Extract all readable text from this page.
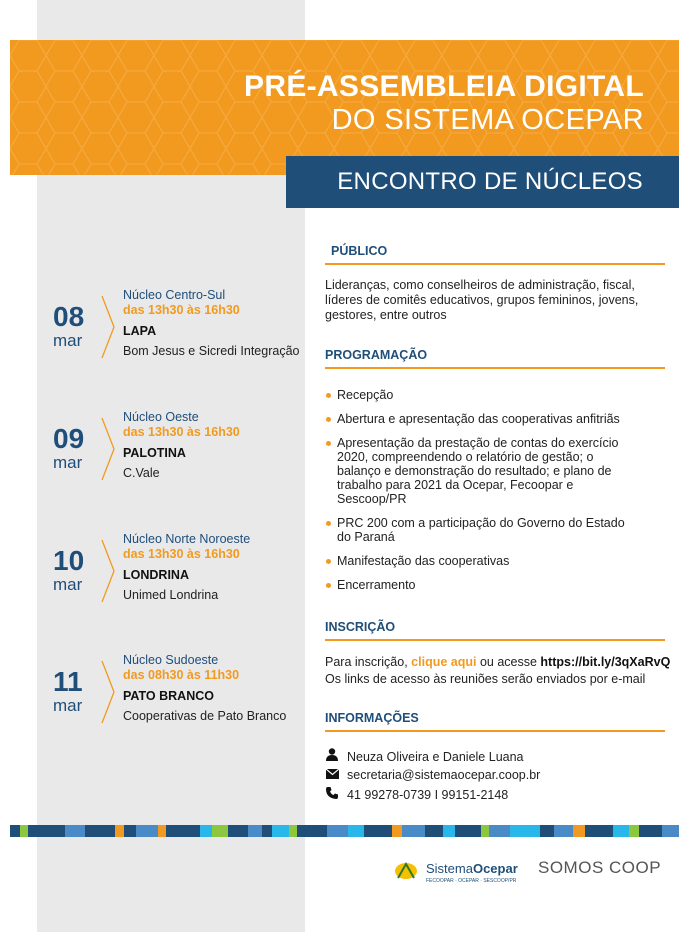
PRÉ-ASSEMBLEIA DIGITAL
DO SISTEMA OCEPAR
ENCONTRO DE NÚCLEOS
08
mar
Núcleo Centro-Sul
das 13h30 às 16h30
LAPA
Bom Jesus e Sicredi Integração
09
mar
Núcleo Oeste
das 13h30 às 16h30
PALOTINA
C.Vale
10
mar
Núcleo Norte Noroeste
das 13h30 às 16h30
LONDRINA
Unimed Londrina
11
mar
Núcleo Sudoeste
das 08h30 às 11h30
PATO BRANCO
Cooperativas de Pato Branco
PÚBLICO
Lideranças, como conselheiros de administração, fiscal, líderes de comitês educativos, grupos femininos, jovens, gestores, entre outros
PROGRAMAÇÃO
Recepção
Abertura e apresentação das cooperativas anfitriãs
Apresentação da prestação de contas do exercício 2020, compreendendo o relatório de gestão; o balanço e demonstração do resultado; e plano de trabalho para 2021 da Ocepar, Fecoopar e Sescoop/PR
PRC 200 com a participação do Governo do Estado do Paraná
Manifestação das cooperativas
Encerramento
INSCRIÇÃO
Para inscrição, clique aqui ou acesse https://bit.ly/3qXaRvQ
Os links de acesso às reuniões serão enviados por e-mail
INFORMAÇÕES
Neuza Oliveira e Daniele Luana
secretaria@sistemaocepar.coop.br
41 99278-0739 I 99151-2148
SistemaOcepar
FECOOPAR · OCEPAR · SESCOOP/PR
SOMOS COOP
